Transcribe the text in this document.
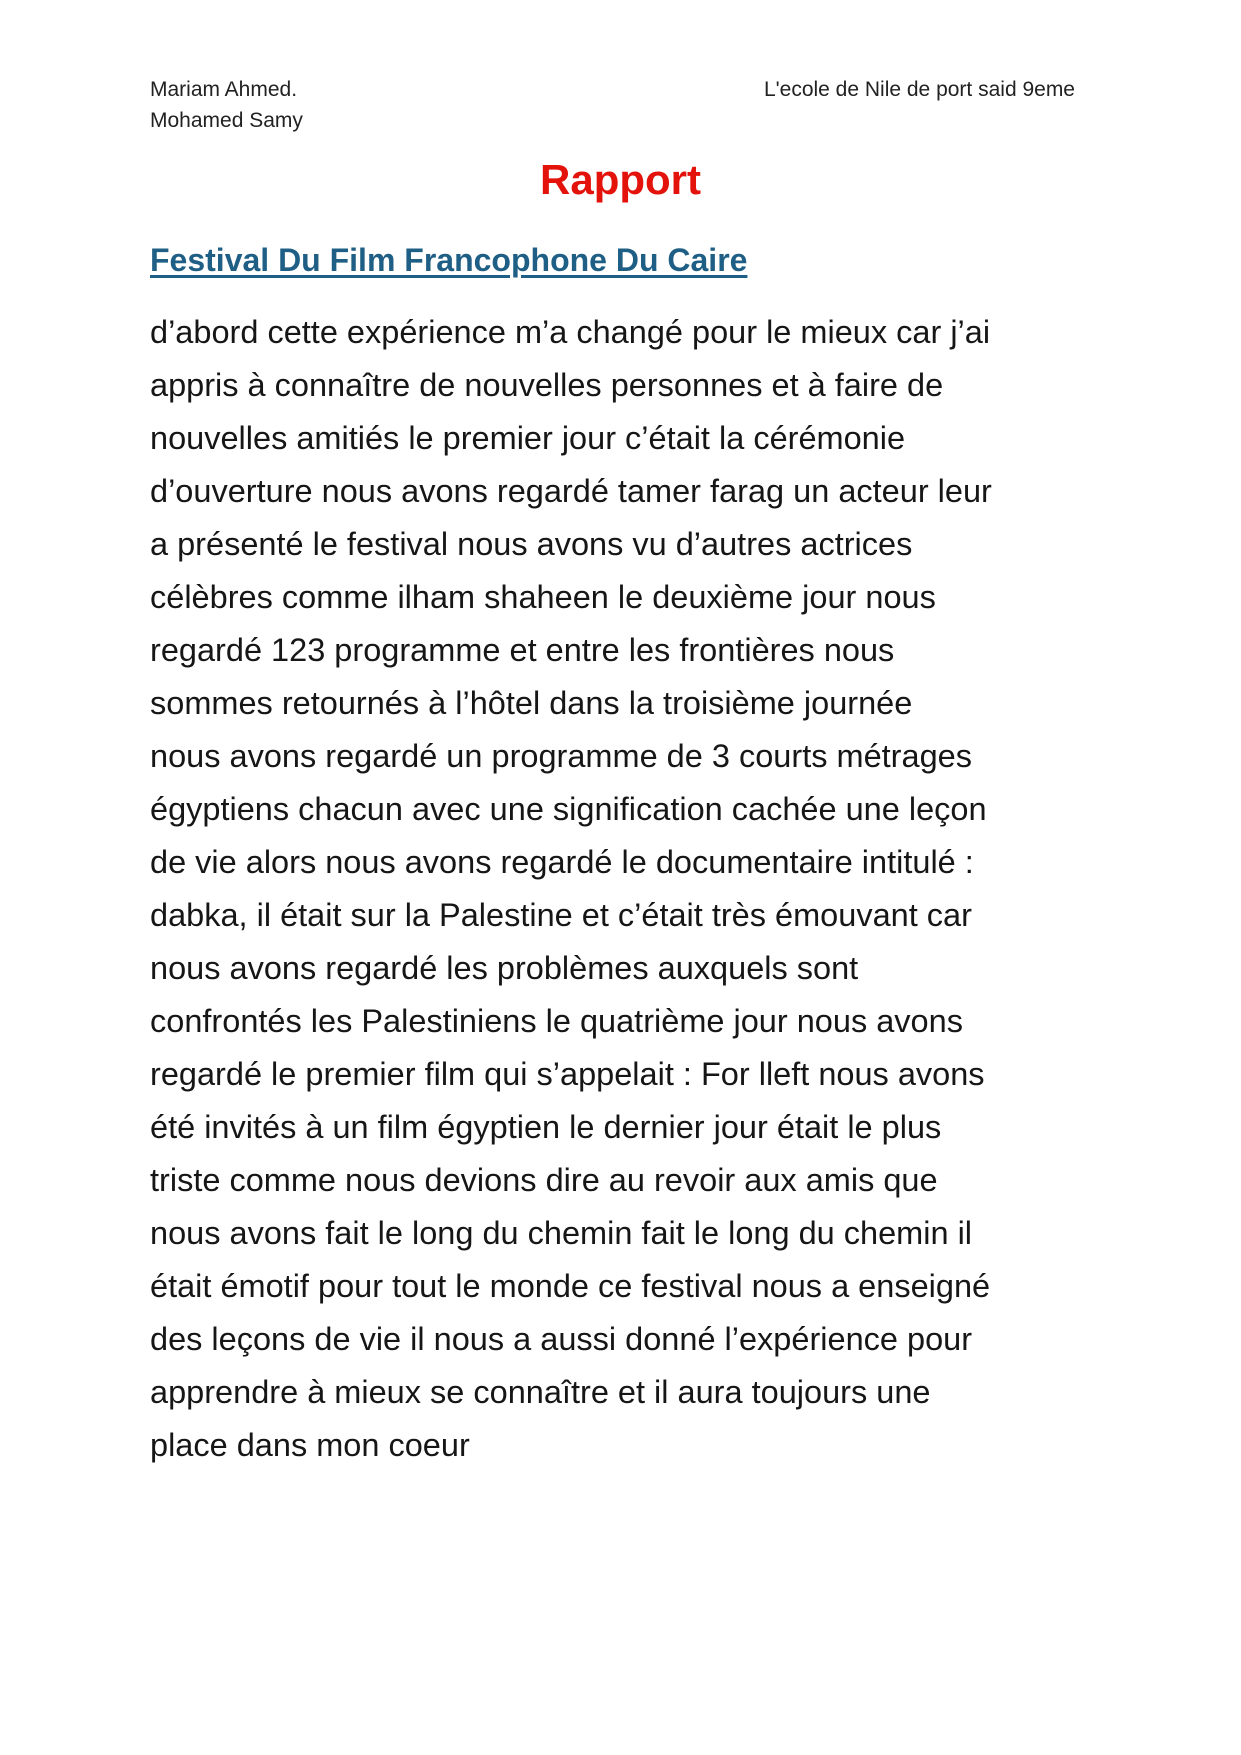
Mariam Ahmed.
Mohamed Samy
L'ecole de Nile de port said 9eme
Rapport
Festival Du Film Francophone Du Caire
d’abord cette expérience m’a changé pour le mieux car j’ai
appris à connaître de nouvelles personnes et à faire de
nouvelles amitiés le premier jour c’était la cérémonie
d’ouverture nous avons regardé tamer farag un acteur leur
a présenté le festival nous avons vu d’autres actrices
célèbres comme ilham shaheen le deuxième jour nous
regardé 123 programme et entre les frontières nous
sommes retournés à l’hôtel dans la troisième journée
nous avons regardé un programme de 3 courts métrages
égyptiens chacun avec une signification cachée une leçon
de vie alors nous avons regardé le documentaire intitulé :
dabka, il était sur la Palestine et c’était très émouvant car
nous avons regardé les problèmes auxquels sont
confrontés les Palestiniens le quatrième jour nous avons
regardé le premier film qui s’appelait : For lleft nous avons
été invités à un film égyptien le dernier jour était le plus
triste comme nous devions dire au revoir aux amis que
nous avons fait le long du chemin fait le long du chemin il
était émotif pour tout le monde ce festival nous a enseigné
des leçons de vie il nous a aussi donné l’expérience pour
apprendre à mieux se connaître et il aura toujours une
place dans mon coeur
